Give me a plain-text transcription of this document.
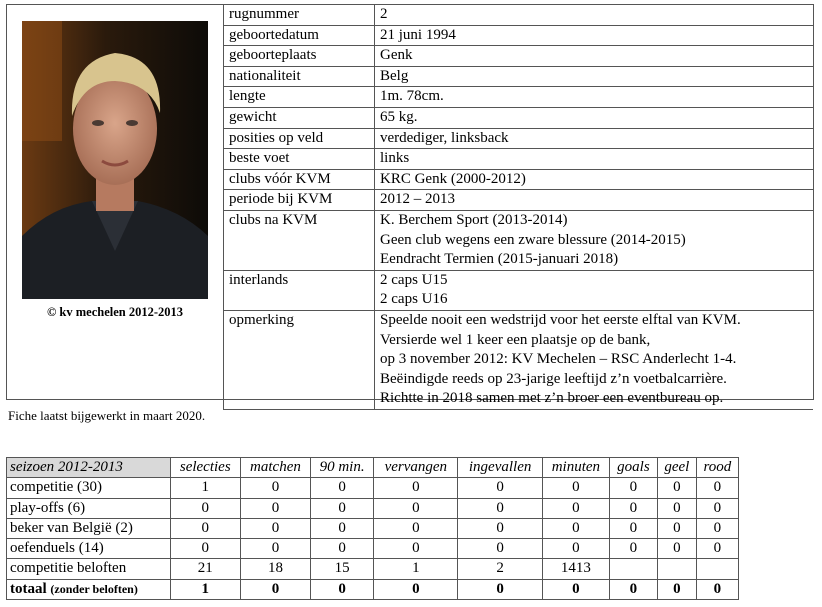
© kv mechelen 2012-2013
rugnummer	2

geboortedatum	21 juni 1994

geboorteplaats	Genk

nationaliteit	Belg

lengte	1m. 78cm.

gewicht	65 kg.

posities op veld	verdediger, linksback

beste voet	links

clubs vóór KVM	KRC Genk (2000-2012)

periode bij KVM	2012 – 2013

clubs na KVM	K. Berchem Sport (2013-2014)
Geen club wegens een zware blessure (2014-2015)
Eendracht Termien (2015-januari 2018)

interlands	2 caps U15
2 caps U16

opmerking	Speelde nooit een wedstrijd voor het eerste elftal van KVM.
Versierde wel 1 keer een plaatsje op de bank,
op 3 november 2012: KV Mechelen – RSC Anderlecht 1-4.
Beëindigde reeds op 23-jarige leeftijd z’n voetbalcarrière.
Richtte in 2018 samen met z’n broer een eventbureau op.
Fiche laatst bijgewerkt in maart 2020.
seizoen 2012-2013	selecties	matchen	90 min.	vervangen	ingevallen	minuten	goals	geel	rood
competitie (30)	1	0	0	0	0	0	0	0	0
play-offs (6)	0	0	0	0	0	0	0	0	0
beker van België (2)	0	0	0	0	0	0	0	0	0
oefenduels (14)	0	0	0	0	0	0	0	0	0
competitie beloften	21	18	15	1	2	1413			
totaal (zonder beloften)	1	0	0	0	0	0	0	0	0
